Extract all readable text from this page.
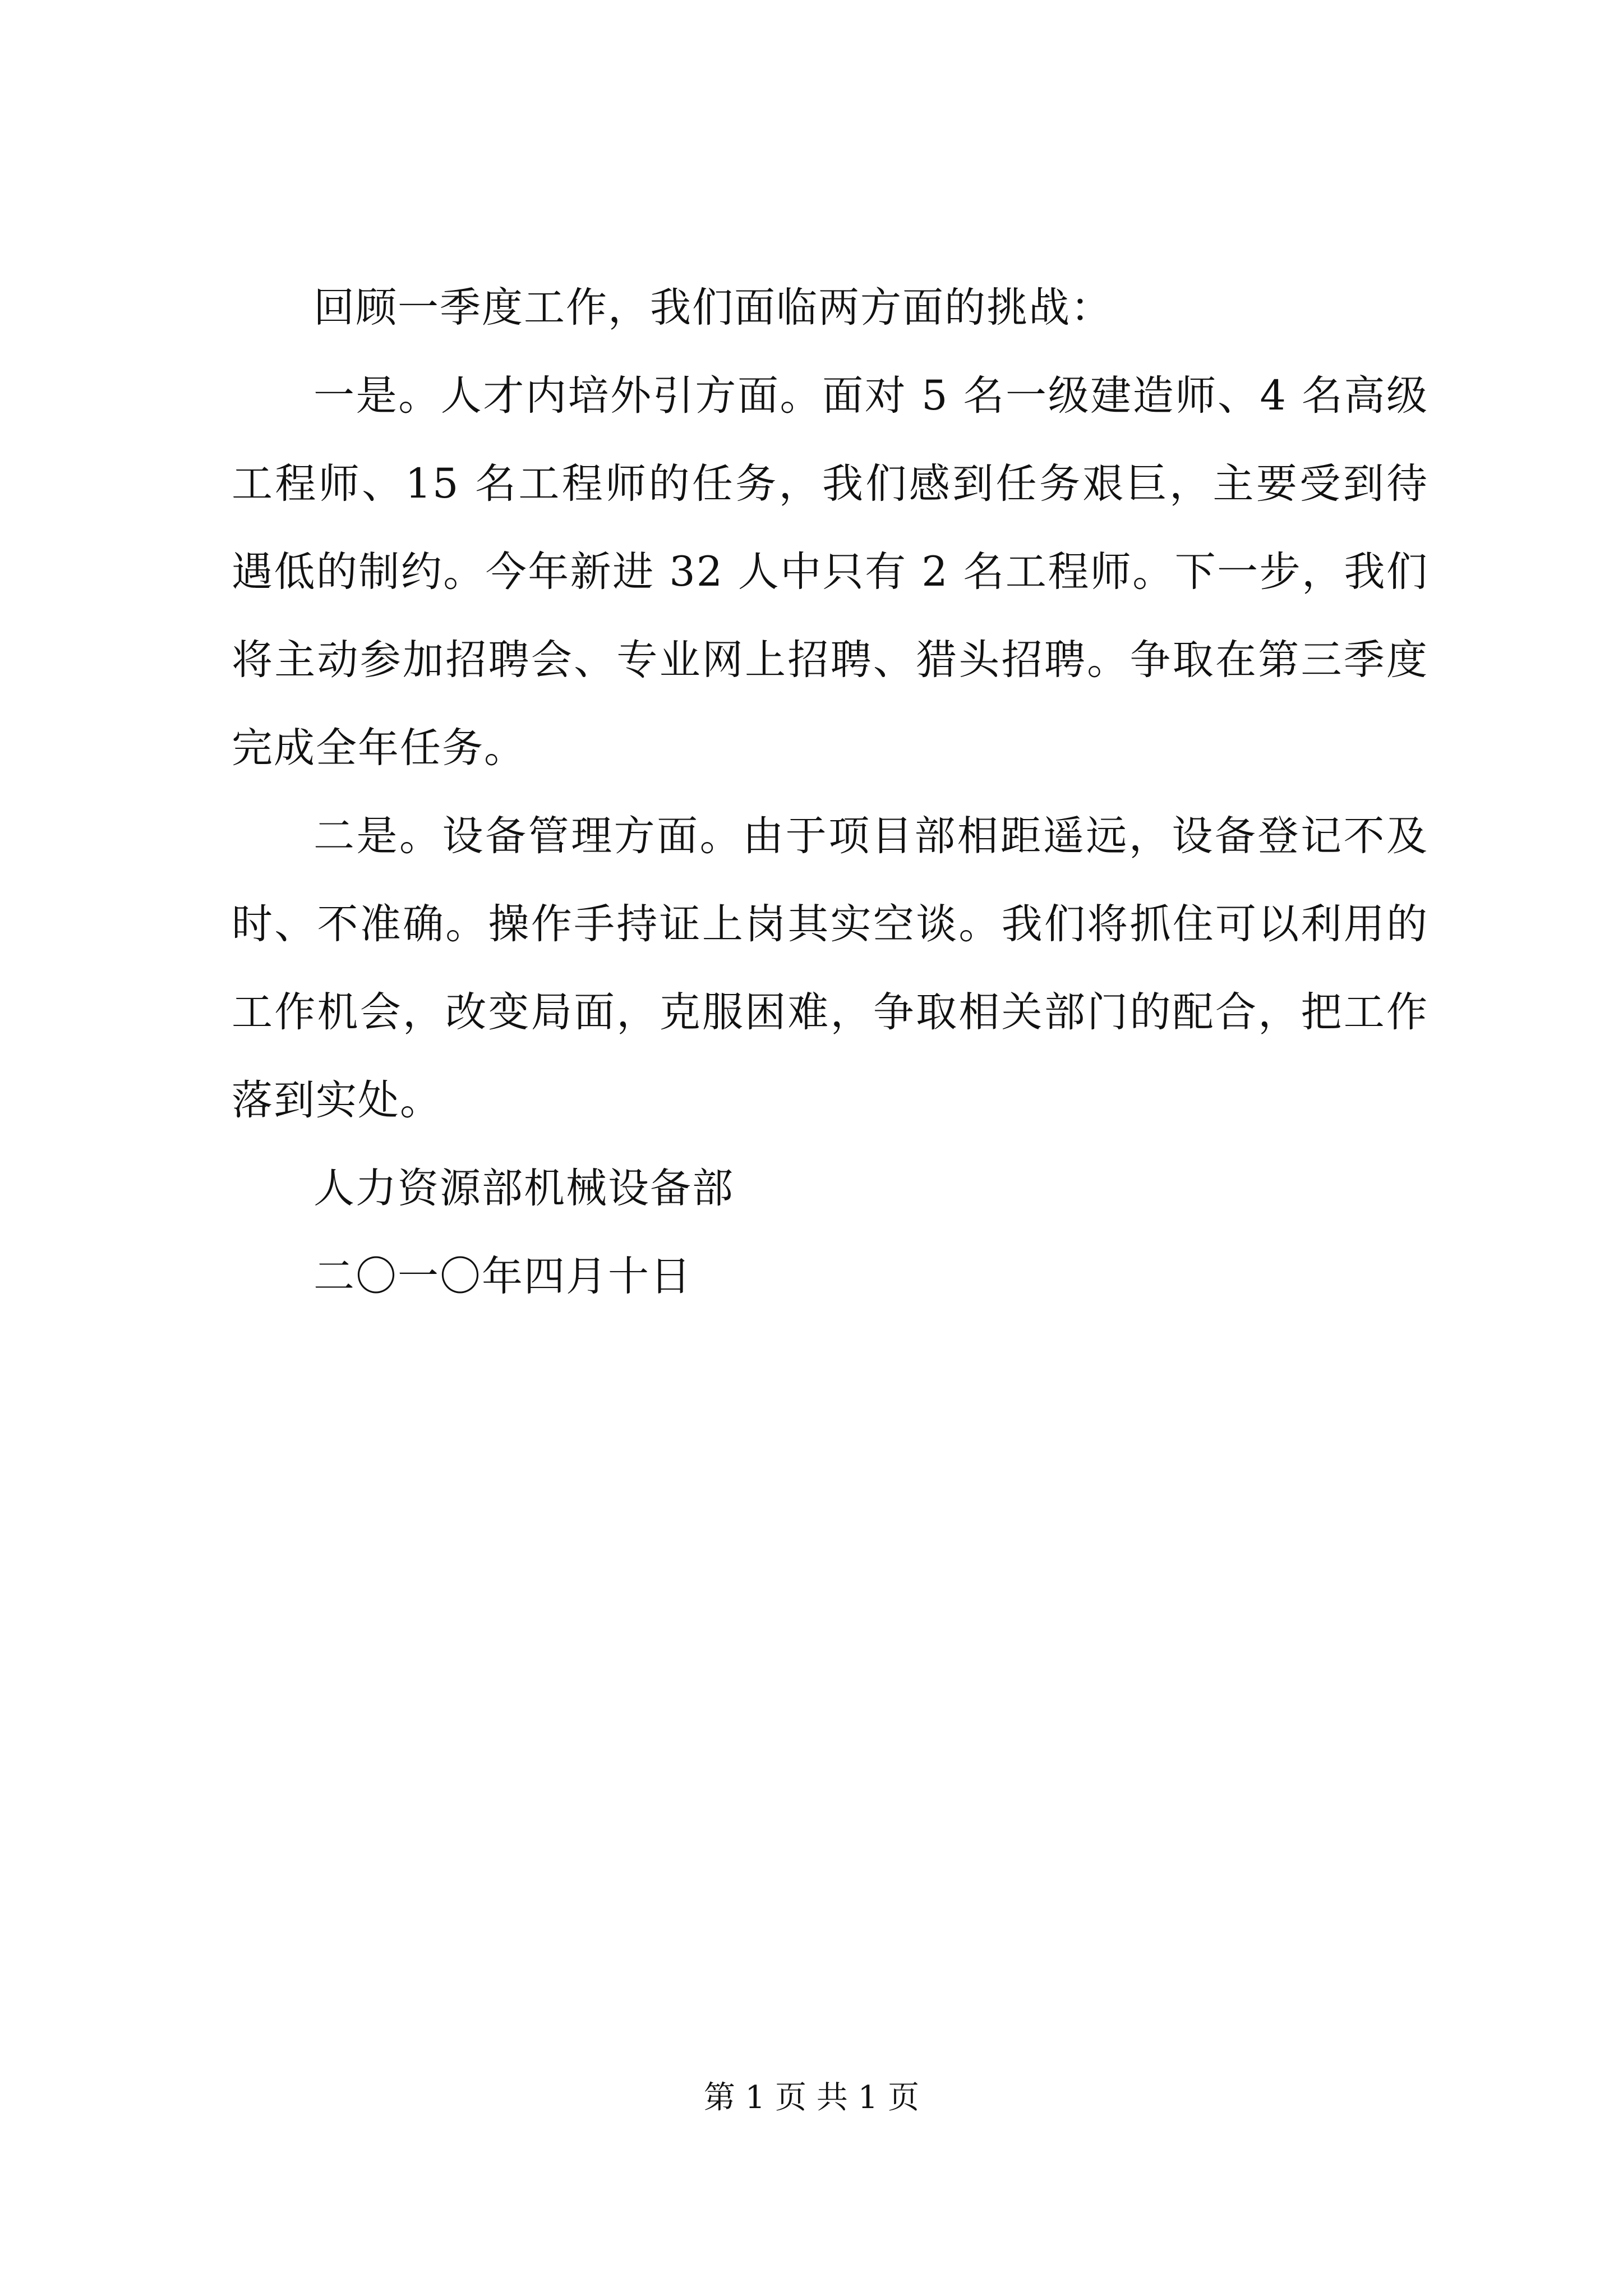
回顾一季度工作，我们面临两方面的挑战：

一是。人才内培外引方面。面对 5 名一级建造师、4 名高级工程师、15 名工程师的任务，我们感到任务艰巨，主要受到待遇低的制约。今年新进 32 人中只有 2 名工程师。下一步，我们将主动参加招聘会、专业网上招聘、猎头招聘。争取在第三季度完成全年任务。

二是。设备管理方面。由于项目部相距遥远，设备登记不及时、不准确。操作手持证上岗其实空谈。我们将抓住可以利用的工作机会，改变局面，克服困难，争取相关部门的配合，把工作落到实处。

人力资源部机械设备部

二〇一〇年四月十日

第 1 页 共 1 页
